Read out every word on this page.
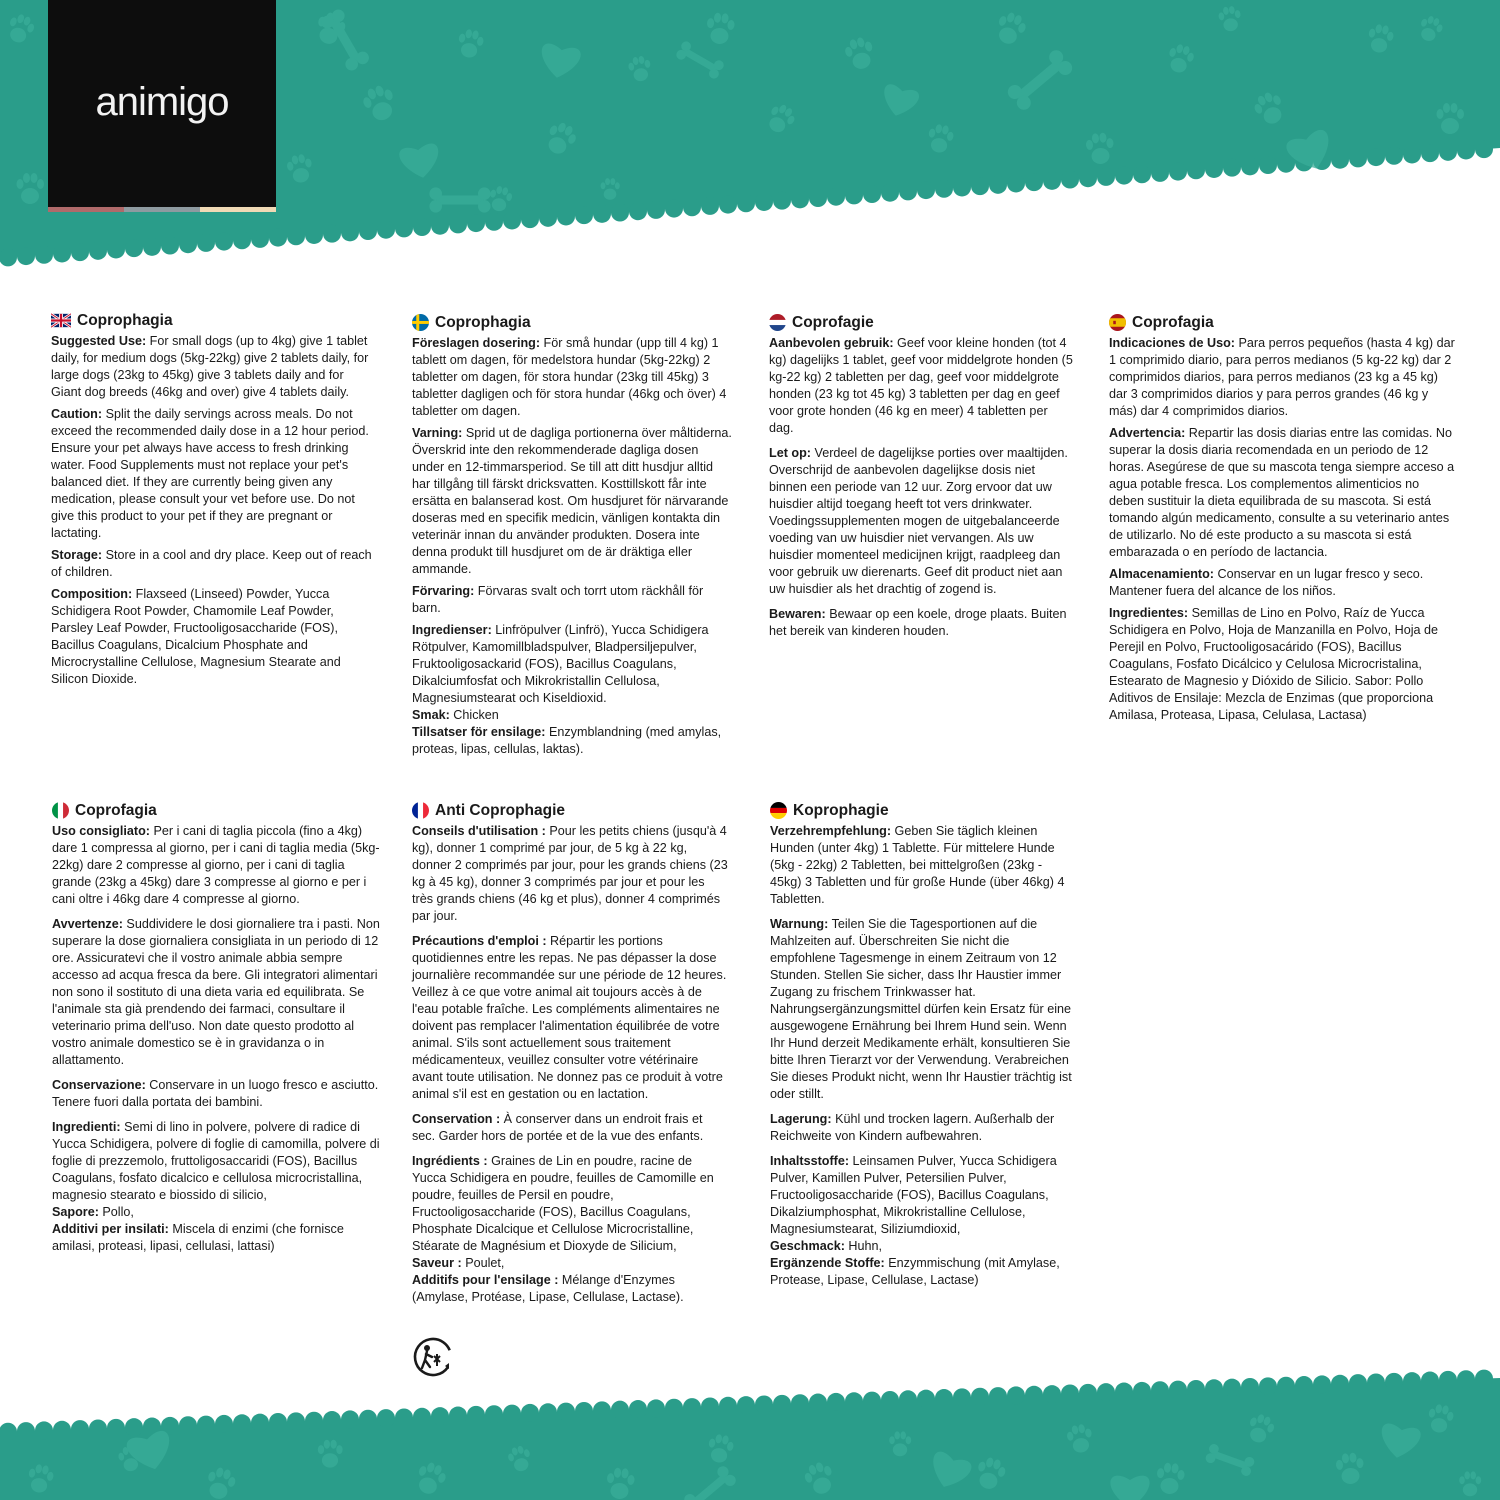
animigo
Coprophagia

Suggested Use: For small dogs (up to 4kg) give 1 tablet daily, for medium dogs (5kg-22kg) give 2 tablets daily, for large dogs (23kg to 45kg) give 3 tablets daily and for Giant dog breeds (46kg and over) give 4 tablets daily.

Caution: Split the daily servings across meals. Do not exceed the recommended daily dose in a 12 hour period. Ensure your pet always have access to fresh drinking water. Food Supplements must not replace your pet's balanced diet. If they are currently being given any medication, please consult your vet before use. Do not give this product to your pet if they are pregnant or lactating.

Storage: Store in a cool and dry place. Keep out of reach of children.

Composition: Flaxseed (Linseed) Powder, Yucca Schidigera Root Powder, Chamomile Leaf Powder, Parsley Leaf Powder, Fructooligosaccharide (FOS), Bacillus Coagulans, Dicalcium Phosphate and Microcrystalline Cellulose, Magnesium Stearate and Silicon Dioxide.

Coprophagia

Föreslagen dosering: För små hundar (upp till 4 kg) 1 tablett om dagen, för medelstora hundar (5kg-22kg) 2 tabletter om dagen, för stora hundar (23kg till 45kg) 3 tabletter dagligen och för stora hundar (46kg och över) 4 tabletter om dagen.

Varning: Sprid ut de dagliga portionerna över måltiderna. Överskrid inte den rekommenderade dagliga dosen under en 12-timmarsperiod. Se till att ditt husdjur alltid har tillgång till färskt dricksvatten. Kosttillskott får inte ersätta en balanserad kost. Om husdjuret för närvarande doseras med en specifik medicin, vänligen kontakta din veterinär innan du använder produkten. Dosera inte denna produkt till husdjuret om de är dräktiga eller ammande.

Förvaring: Förvaras svalt och torrt utom räckhåll för barn.

Ingredienser: Linfröpulver (Linfrö), Yucca Schidigera Rötpulver, Kamomillbladspulver, Bladpersiljepulver, Fruktooligosackarid (FOS), Bacillus Coagulans, Dikalciumfosfat och Mikrokristallin Cellulosa, Magnesiumstearat och Kiseldioxid.

Smak: Chicken

Tillsatser för ensilage: Enzymblandning (med amylas, proteas, lipas, cellulas, laktas).

Coprofagie

Aanbevolen gebruik: Geef voor kleine honden (tot 4 kg) dagelijks 1 tablet, geef voor middelgrote honden (5 kg-22 kg) 2 tabletten per dag, geef voor middelgrote honden (23 kg tot 45 kg) 3 tabletten per dag en geef voor grote honden (46 kg en meer) 4 tabletten per dag.

Let op: Verdeel de dagelijkse porties over maaltijden. Overschrijd de aanbevolen dagelijkse dosis niet binnen een periode van 12 uur. Zorg ervoor dat uw huisdier altijd toegang heeft tot vers drinkwater. Voedingssupplementen mogen de uitgebalanceerde voeding van uw huisdier niet vervangen. Als uw huisdier momenteel medicijnen krijgt, raadpleeg dan voor gebruik uw dierenarts. Geef dit product niet aan uw huisdier als het drachtig of zogend is.

Bewaren: Bewaar op een koele, droge plaats. Buiten het bereik van kinderen houden.

Coprofagia

Indicaciones de Uso: Para perros pequeños (hasta 4 kg) dar 1 comprimido diario, para perros medianos (5 kg-22 kg) dar 2 comprimidos diarios, para perros medianos (23 kg a 45 kg) dar 3 comprimidos diarios y para perros grandes (46 kg y más) dar 4 comprimidos diarios.

Advertencia: Repartir las dosis diarias entre las comidas. No superar la dosis diaria recomendada en un periodo de 12 horas. Asegúrese de que su mascota tenga siempre acceso a agua potable fresca. Los complementos alimenticios no deben sustituir la dieta equilibrada de su mascota. Si está tomando algún medicamento, consulte a su veterinario antes de utilizarlo. No dé este producto a su mascota si está embarazada o en período de lactancia.

Almacenamiento: Conservar en un lugar fresco y seco. Mantener fuera del alcance de los niños.

Ingredientes: Semillas de Lino en Polvo, Raíz de Yucca Schidigera en Polvo, Hoja de Manzanilla en Polvo, Hoja de Perejil en Polvo, Fructooligosacárido (FOS), Bacillus Coagulans, Fosfato Dicálcico y Celulosa Microcristalina, Estearato de Magnesio y Dióxido de Silicio. Sabor: Pollo Aditivos de Ensilaje: Mezcla de Enzimas (que proporciona Amilasa, Proteasa, Lipasa, Celulasa, Lactasa)

Coprofagia

Uso consigliato: Per i cani di taglia piccola (fino a 4kg) dare 1 compressa al giorno, per i cani di taglia media (5kg-22kg) dare 2 compresse al giorno, per i cani di taglia grande (23kg a 45kg) dare 3 compresse al giorno e per i cani oltre i 46kg dare 4 compresse al giorno.

Avvertenze: Suddividere le dosi giornaliere tra i pasti. Non superare la dose giornaliera consigliata in un periodo di 12 ore. Assicuratevi che il vostro animale abbia sempre accesso ad acqua fresca da bere. Gli integratori alimentari non sono il sostituto di una dieta varia ed equilibrata. Se l'animale sta già prendendo dei farmaci, consultare il veterinario prima dell'uso. Non date questo prodotto al vostro animale domestico se è in gravidanza o in allattamento.

Conservazione: Conservare in un luogo fresco e asciutto. Tenere fuori dalla portata dei bambini.

Ingredienti: Semi di lino in polvere, polvere di radice di Yucca Schidigera, polvere di foglie di camomilla, polvere di foglie di prezzemolo, fruttoligosaccaridi (FOS), Bacillus Coagulans, fosfato dicalcico e cellulosa microcristallina, magnesio stearato e biossido di silicio,

Sapore: Pollo,

Additivi per insilati: Miscela di enzimi (che fornisce amilasi, proteasi, lipasi, cellulasi, lattasi)

Anti Coprophagie

Conseils d'utilisation : Pour les petits chiens (jusqu'à 4 kg), donner 1 comprimé par jour, de 5 kg à 22 kg, donner 2 comprimés par jour, pour les grands chiens (23 kg à 45 kg), donner 3 comprimés par jour et pour les très grands chiens (46 kg et plus), donner 4 comprimés par jour.

Précautions d'emploi : Répartir les portions quotidiennes entre les repas. Ne pas dépasser la dose journalière recommandée sur une période de 12 heures. Veillez à ce que votre animal ait toujours accès à de l'eau potable fraîche. Les compléments alimentaires ne doivent pas remplacer l'alimentation équilibrée de votre animal. S'ils sont actuellement sous traitement médicamenteux, veuillez consulter votre vétérinaire avant toute utilisation. Ne donnez pas ce produit à votre animal s'il est en gestation ou en lactation.

Conservation : À conserver dans un endroit frais et sec. Garder hors de portée et de la vue des enfants.

Ingrédients : Graines de Lin en poudre, racine de Yucca Schidigera en poudre, feuilles de Camomille en poudre, feuilles de Persil en poudre, Fructooligosaccharide (FOS), Bacillus Coagulans, Phosphate Dicalcique et Cellulose Microcristalline, Stéarate de Magnésium et Dioxyde de Silicium,

Saveur : Poulet,

Additifs pour l'ensilage : Mélange d'Enzymes (Amylase, Protéase, Lipase, Cellulase, Lactase).

Koprophagie

Verzehrempfehlung: Geben Sie täglich kleinen Hunden (unter 4kg) 1 Tablette. Für mittelere Hunde (5kg - 22kg) 2 Tabletten, bei mittelgroßen (23kg - 45kg) 3 Tabletten und für große Hunde (über 46kg) 4 Tabletten.

Warnung: Teilen Sie die Tagesportionen auf die Mahlzeiten auf. Überschreiten Sie nicht die empfohlene Tagesmenge in einem Zeitraum von 12 Stunden. Stellen Sie sicher, dass Ihr Haustier immer Zugang zu frischem Trinkwasser hat. Nahrungsergänzungsmittel dürfen kein Ersatz für eine ausgewogene Ernährung bei Ihrem Hund sein. Wenn Ihr Hund derzeit Medikamente erhält, konsultieren Sie bitte Ihren Tierarzt vor der Verwendung. Verabreichen Sie dieses Produkt nicht, wenn Ihr Haustier trächtig ist oder stillt.

Lagerung: Kühl und trocken lagern. Außerhalb der Reichweite von Kindern aufbewahren.

Inhaltsstoffe: Leinsamen Pulver, Yucca Schidigera Pulver, Kamillen Pulver, Petersilien Pulver, Fructooligosaccharide (FOS), Bacillus Coagulans, Dikalziumphosphat, Mikrokristalline Cellulose, Magnesiumstearat, Siliziumdioxid,

Geschmack: Huhn,

Ergänzende Stoffe: Enzymmischung (mit Amylase, Protease, Lipase, Cellulase, Lactase)
